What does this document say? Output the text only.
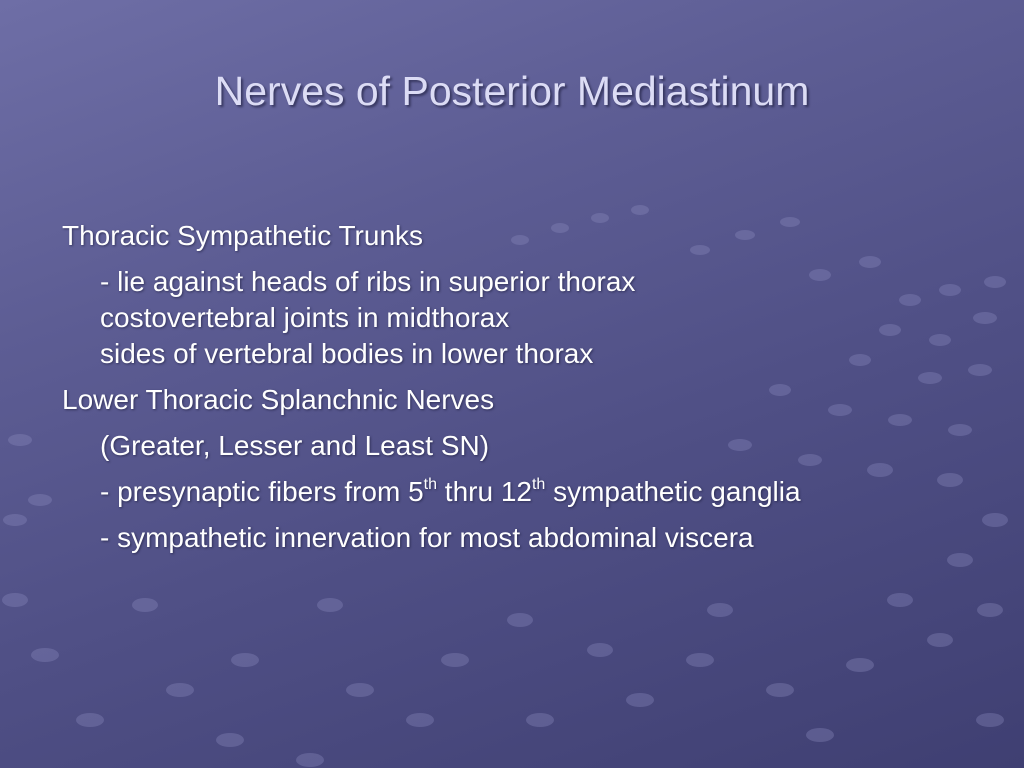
Nerves of Posterior Mediastinum
Thoracic Sympathetic Trunks
- lie against heads of ribs in superior thorax
costovertebral joints in midthorax
sides of vertebral bodies in lower thorax
Lower Thoracic Splanchnic Nerves
(Greater, Lesser and Least SN)
- presynaptic fibers from 5th thru 12th sympathetic ganglia
- sympathetic innervation for most abdominal viscera
